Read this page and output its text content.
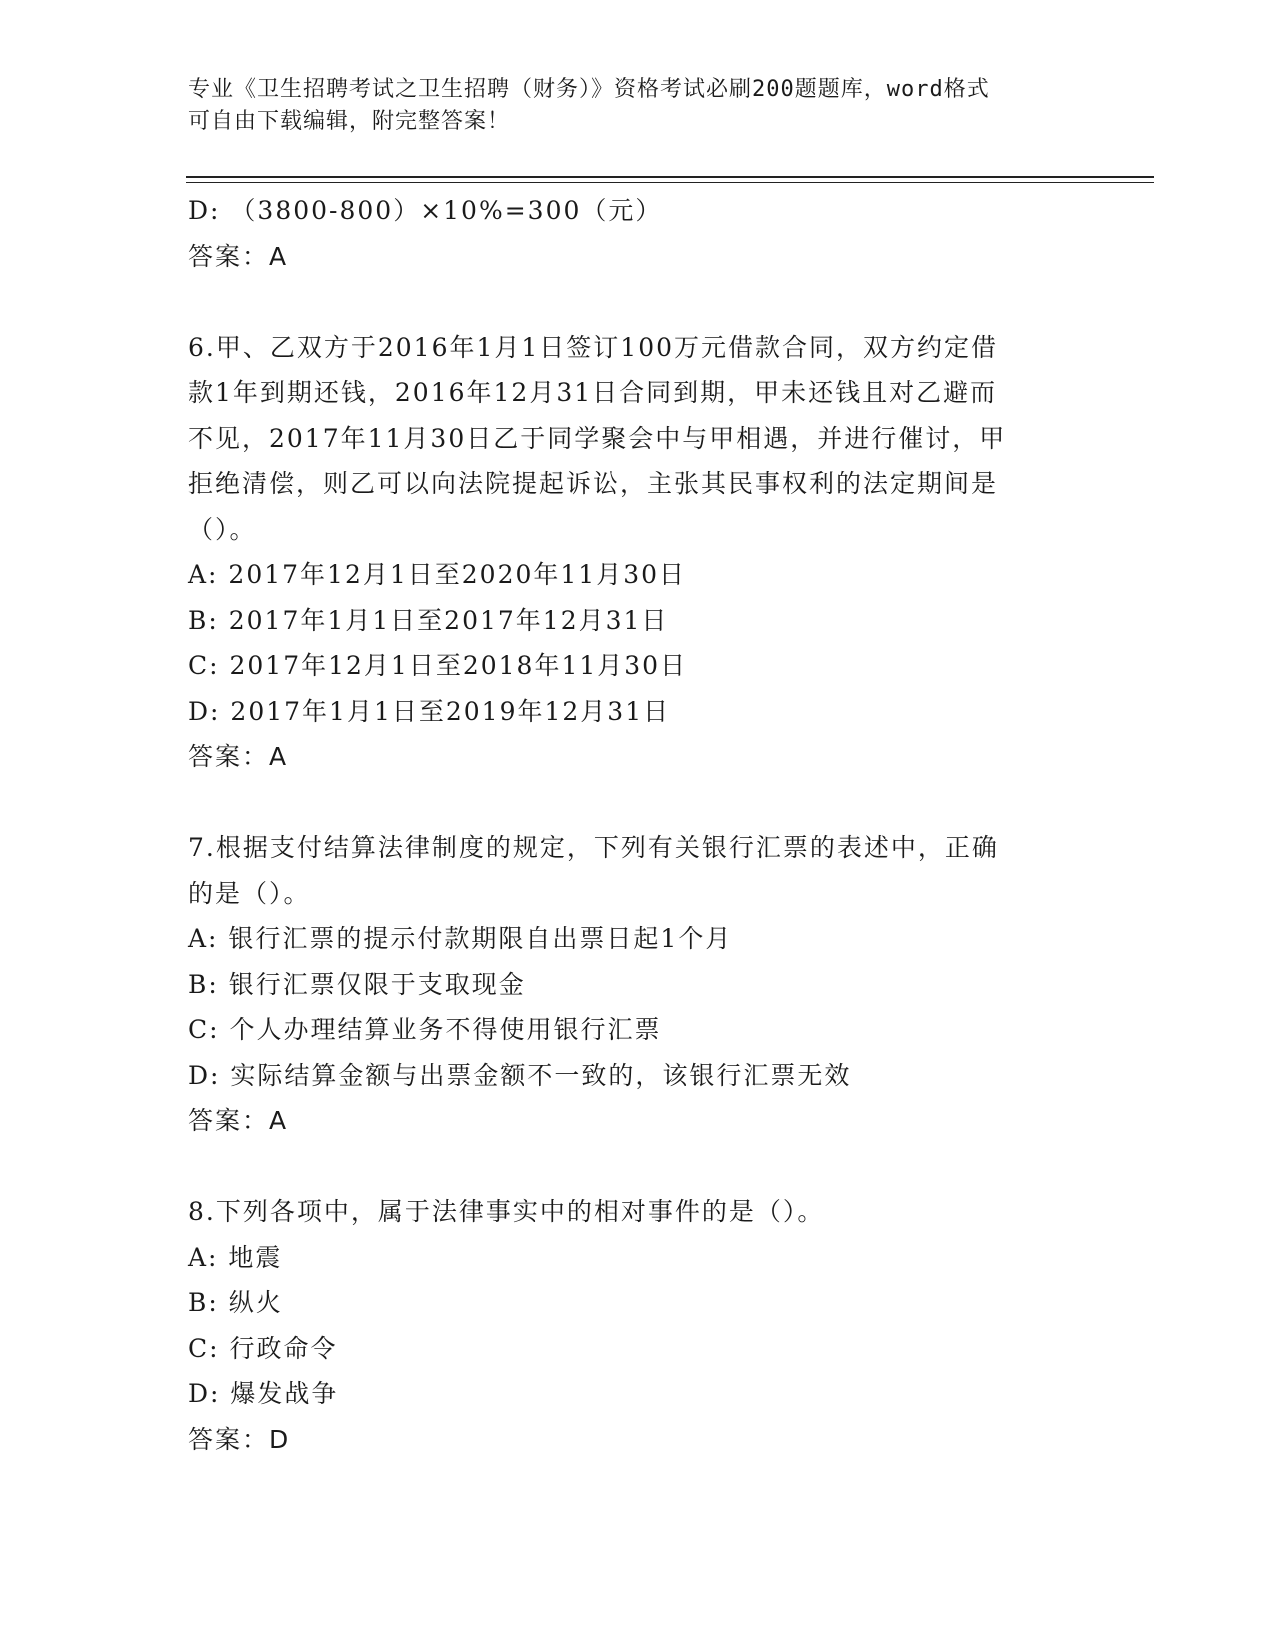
专业《卫生招聘考试之卫生招聘（财务）》资格考试必刷200题题库，word格式
可自由下载编辑，附完整答案！
D: （3800-800）×10%=300（元）
答案：A
6.甲、乙双方于2016年1月1日签订100万元借款合同，双方约定借
款1年到期还钱，2016年12月31日合同到期，甲未还钱且对乙避而
不见，2017年11月30日乙于同学聚会中与甲相遇，并进行催讨，甲
拒绝清偿，则乙可以向法院提起诉讼，主张其民事权利的法定期间是
（）。
A: 2017年12月1日至2020年11月30日
B: 2017年1月1日至2017年12月31日
C: 2017年12月1日至2018年11月30日
D: 2017年1月1日至2019年12月31日
答案：A
7.根据支付结算法律制度的规定，下列有关银行汇票的表述中，正确
的是（）。
A: 银行汇票的提示付款期限自出票日起1个月
B: 银行汇票仅限于支取现金
C: 个人办理结算业务不得使用银行汇票
D: 实际结算金额与出票金额不一致的，该银行汇票无效
答案：A
8.下列各项中，属于法律事实中的相对事件的是（）。
A: 地震
B: 纵火
C: 行政命令
D: 爆发战争
答案：D
